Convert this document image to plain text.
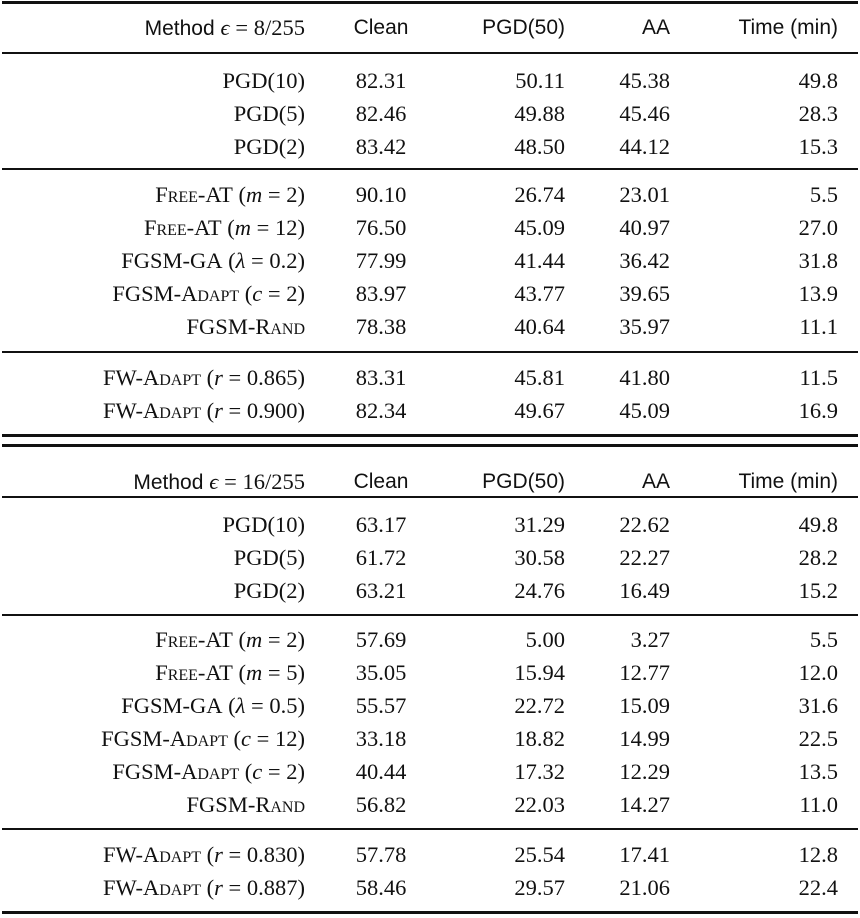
Method ϵ = 8/255	Clean	PGD(50)	AA	Time (min)
PGD(10) 82.31	50.11 45.38	49.8
PGD(5) 82.46	49.88 45.46	28.3
PGD(2) 83.42	48.50 44.12	15.3
Free-AT (m = 2) 90.10	26.74 23.01	5.5
Free-AT (m = 12) 76.50	45.09 40.97	27.0
FGSM-GA (λ = 0.2) 77.99	41.44 36.42	31.8
FGSM-Adapt (c = 2) 83.97	43.77 39.65	13.9
FGSM-Rand 78.38	40.64 35.97	11.1
FW-Adapt (r = 0.865) 83.31	45.81 41.80	11.5
FW-Adapt (r = 0.900) 82.34	49.67 45.09	16.9
Method ϵ = 16/255	Clean	PGD(50)	AA	Time (min)
PGD(10) 63.17	31.29 22.62	49.8
PGD(5) 61.72	30.58 22.27	28.2
PGD(2) 63.21	24.76 16.49	15.2
Free-AT (m = 2) 57.69	5.00	3.27	5.5
Free-AT (m = 5) 35.05	15.94 12.77	12.0
FGSM-GA (λ = 0.5) 55.57	22.72 15.09	31.6
FGSM-Adapt (c = 12) 33.18	18.82 14.99	22.5
FGSM-Adapt (c = 2) 40.44	17.32 12.29	13.5
FGSM-Rand 56.82	22.03 14.27	11.0
FW-Adapt (r = 0.830) 57.78	25.54 17.41	12.8
FW-Adapt (r = 0.887) 58.46	29.57 21.06	22.4
